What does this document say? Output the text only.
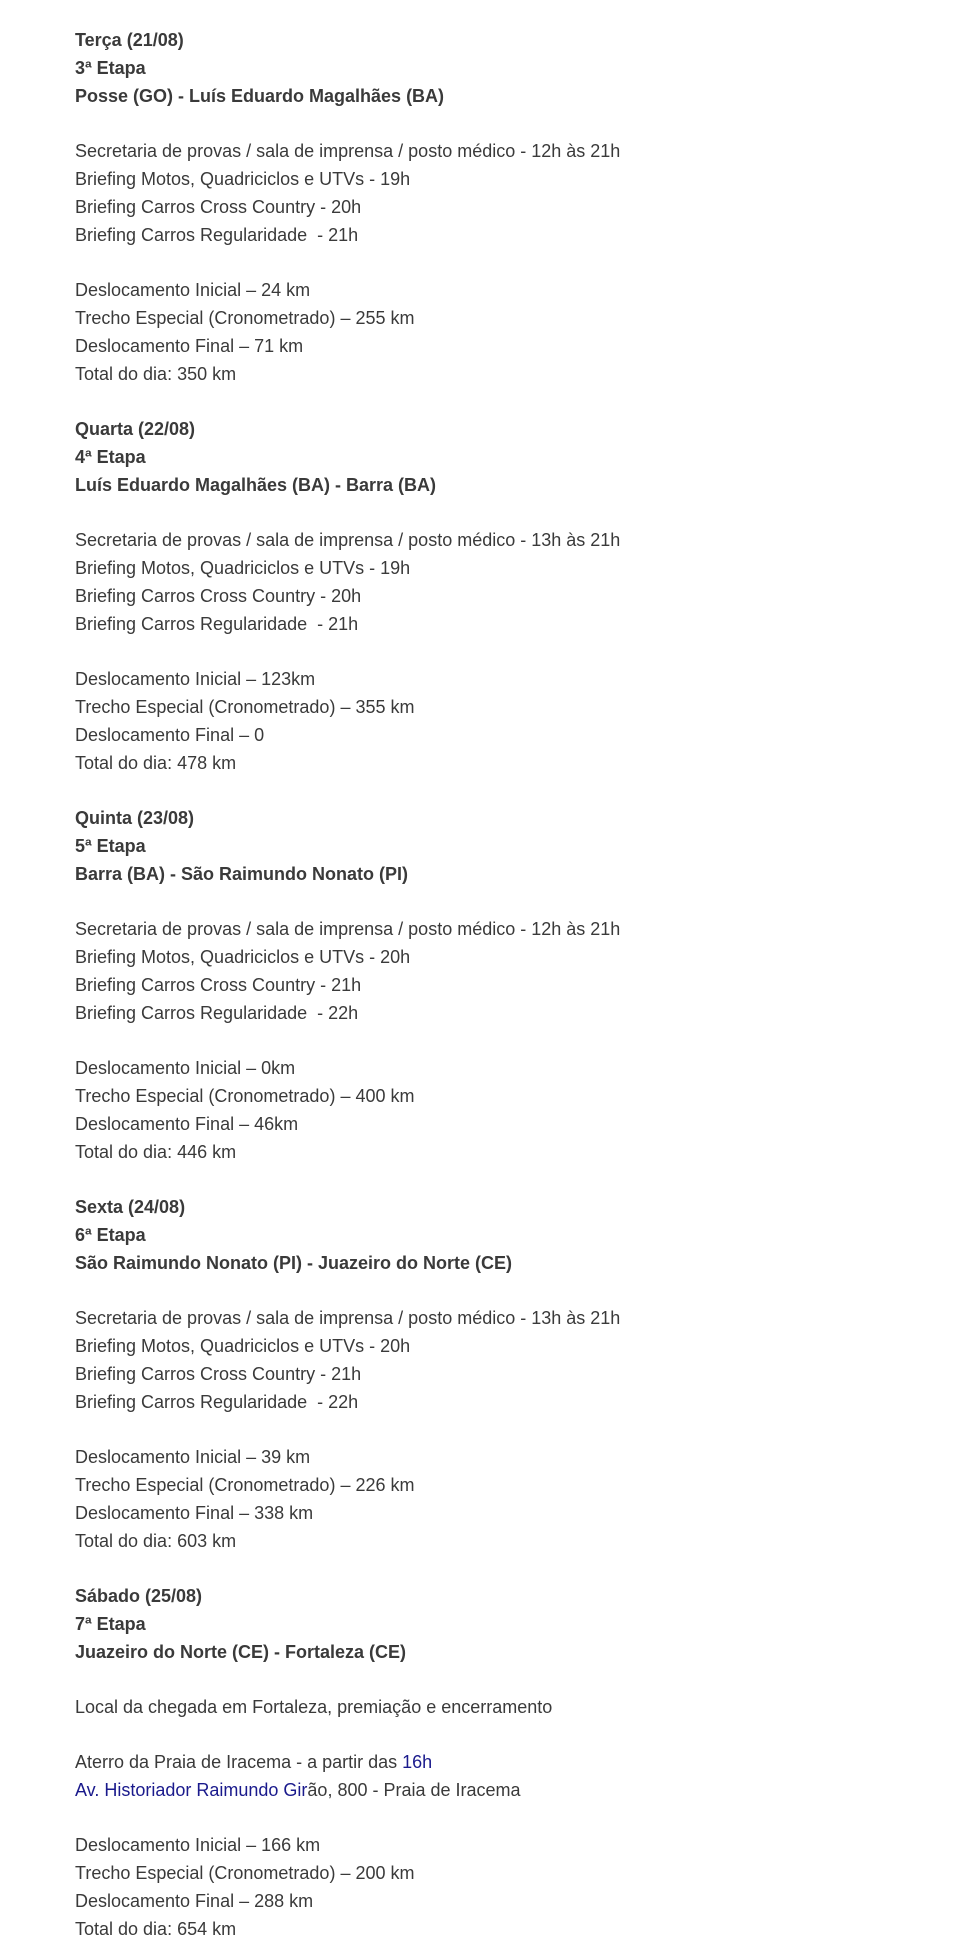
Terça (21/08)
3ª Etapa
Posse (GO) - Luís Eduardo Magalhães (BA)
Secretaria de provas / sala de imprensa / posto médico - 12h às 21h
Briefing Motos, Quadriciclos e UTVs - 19h
Briefing Carros Cross Country - 20h
Briefing Carros Regularidade  - 21h
Deslocamento Inicial – 24 km
Trecho Especial (Cronometrado) – 255 km
Deslocamento Final – 71 km
Total do dia: 350 km
Quarta (22/08)
4ª Etapa
Luís Eduardo Magalhães (BA) - Barra (BA)
Secretaria de provas / sala de imprensa / posto médico - 13h às 21h
Briefing Motos, Quadriciclos e UTVs - 19h
Briefing Carros Cross Country - 20h
Briefing Carros Regularidade  - 21h
Deslocamento Inicial – 123km
Trecho Especial (Cronometrado) – 355 km
Deslocamento Final – 0
Total do dia: 478 km
Quinta (23/08)
5ª Etapa
Barra (BA) - São Raimundo Nonato (PI)
Secretaria de provas / sala de imprensa / posto médico - 12h às 21h
Briefing Motos, Quadriciclos e UTVs - 20h
Briefing Carros Cross Country - 21h
Briefing Carros Regularidade  - 22h
Deslocamento Inicial – 0km
Trecho Especial (Cronometrado) – 400 km
Deslocamento Final – 46km
Total do dia: 446 km
Sexta (24/08)
6ª Etapa
São Raimundo Nonato (PI) - Juazeiro do Norte (CE)
Secretaria de provas / sala de imprensa / posto médico - 13h às 21h
Briefing Motos, Quadriciclos e UTVs - 20h
Briefing Carros Cross Country - 21h
Briefing Carros Regularidade  - 22h
Deslocamento Inicial – 39 km
Trecho Especial (Cronometrado) – 226 km
Deslocamento Final – 338 km
Total do dia: 603 km
Sábado (25/08)
7ª Etapa
Juazeiro do Norte (CE) - Fortaleza (CE)
Local da chegada em Fortaleza, premiação e encerramento
Aterro da Praia de Iracema - a partir das 16h
Av. Historiador Raimundo Girão, 800 - Praia de Iracema
Deslocamento Inicial – 166 km
Trecho Especial (Cronometrado) – 200 km
Deslocamento Final – 288 km
Total do dia: 654 km
